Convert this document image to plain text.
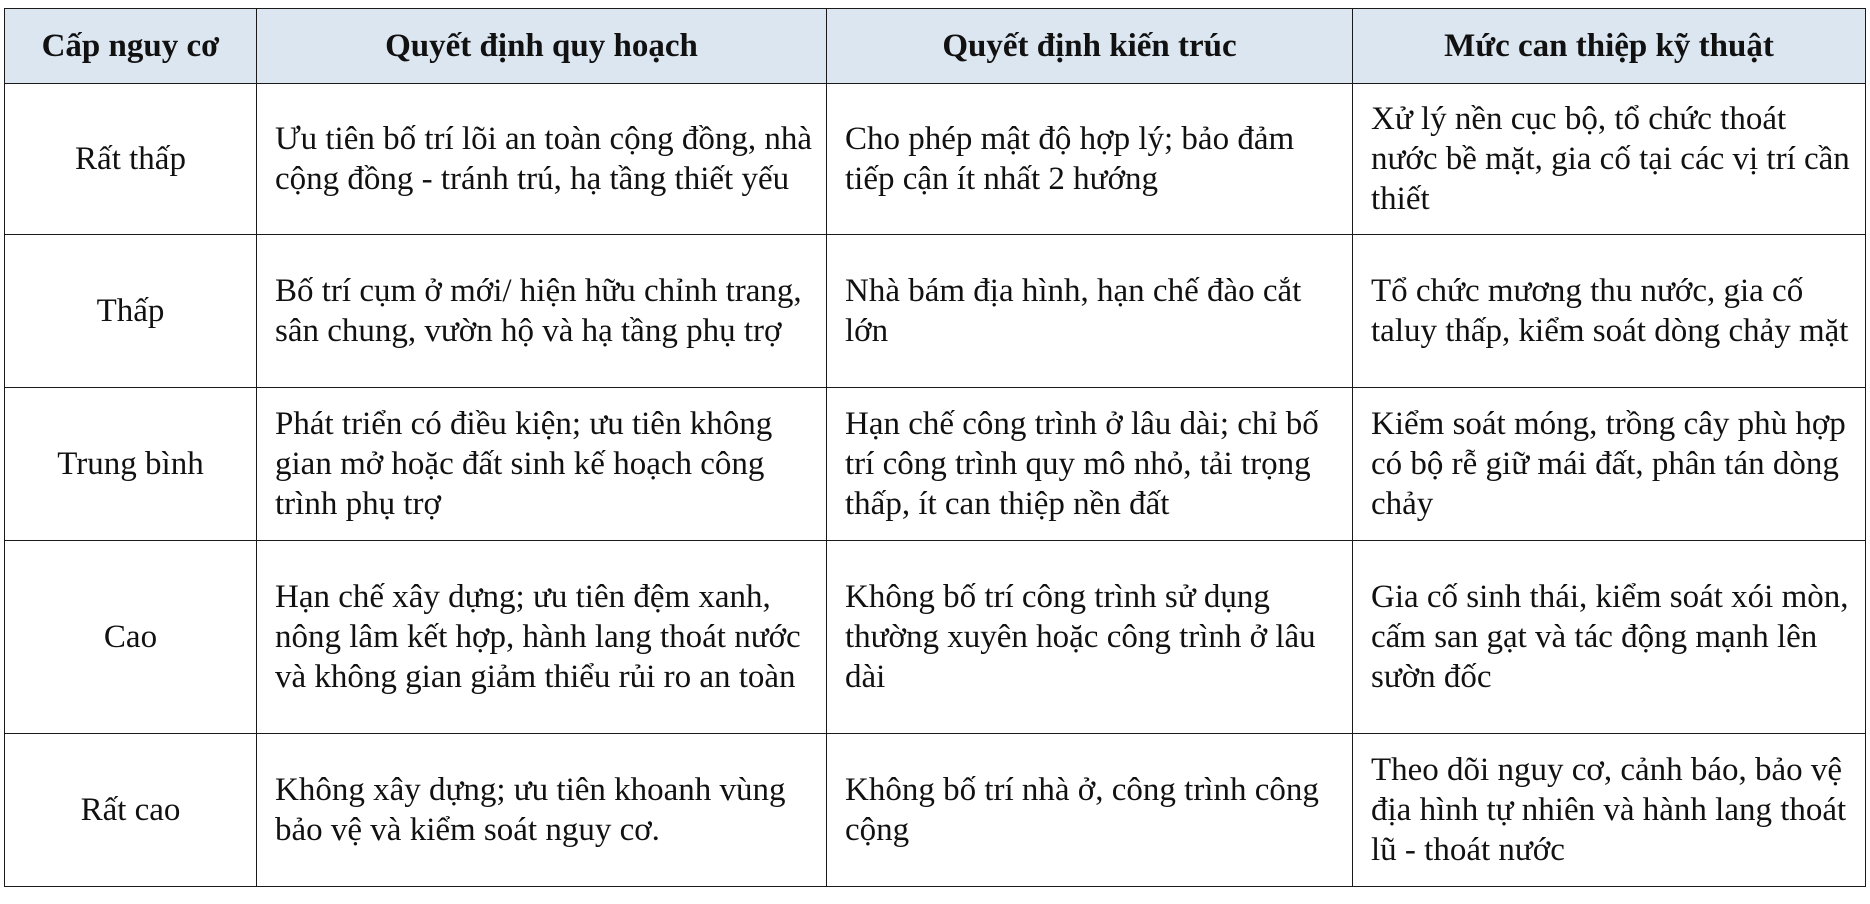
Cấp nguy cơ	Quyết định quy hoạch	Quyết định kiến trúc	Mức can thiệp kỹ thuật
Rất thấp	Ưu tiên bố trí lõi an toàn cộng đồng, nhà cộng đồng - tránh trú, hạ tầng thiết yếu	Cho phép mật độ hợp lý; bảo đảm tiếp cận ít nhất 2 hướng	Xử lý nền cục bộ, tổ chức thoát nước bề mặt, gia cố tại các vị trí cần thiết
Thấp	Bố trí cụm ở mới/ hiện hữu chỉnh trang, sân chung, vườn hộ và hạ tầng phụ trợ	Nhà bám địa hình, hạn chế đào cắt lớn	Tổ chức mương thu nước, gia cố taluy thấp, kiểm soát dòng chảy mặt
Trung bình	Phát triển có điều kiện; ưu tiên không gian mở hoặc đất sinh kế hoạch công trình phụ trợ	Hạn chế công trình ở lâu dài; chỉ bố trí công trình quy mô nhỏ, tải trọng thấp, ít can thiệp nền đất	Kiểm soát móng, trồng cây phù hợp có bộ rễ giữ mái đất, phân tán dòng chảy
Cao	Hạn chế xây dựng; ưu tiên đệm xanh, nông lâm kết hợp, hành lang thoát nước và không gian giảm thiểu rủi ro an toàn	Không bố trí công trình sử dụng thường xuyên hoặc công trình ở lâu dài	Gia cố sinh thái, kiểm soát xói mòn, cấm san gạt và tác động mạnh lên sườn đốc
Rất cao	Không xây dựng; ưu tiên khoanh vùng bảo vệ và kiểm soát nguy cơ.	Không bố trí nhà ở, công trình công cộng	Theo dõi nguy cơ, cảnh báo, bảo vệ địa hình tự nhiên và hành lang thoát lũ - thoát nước
